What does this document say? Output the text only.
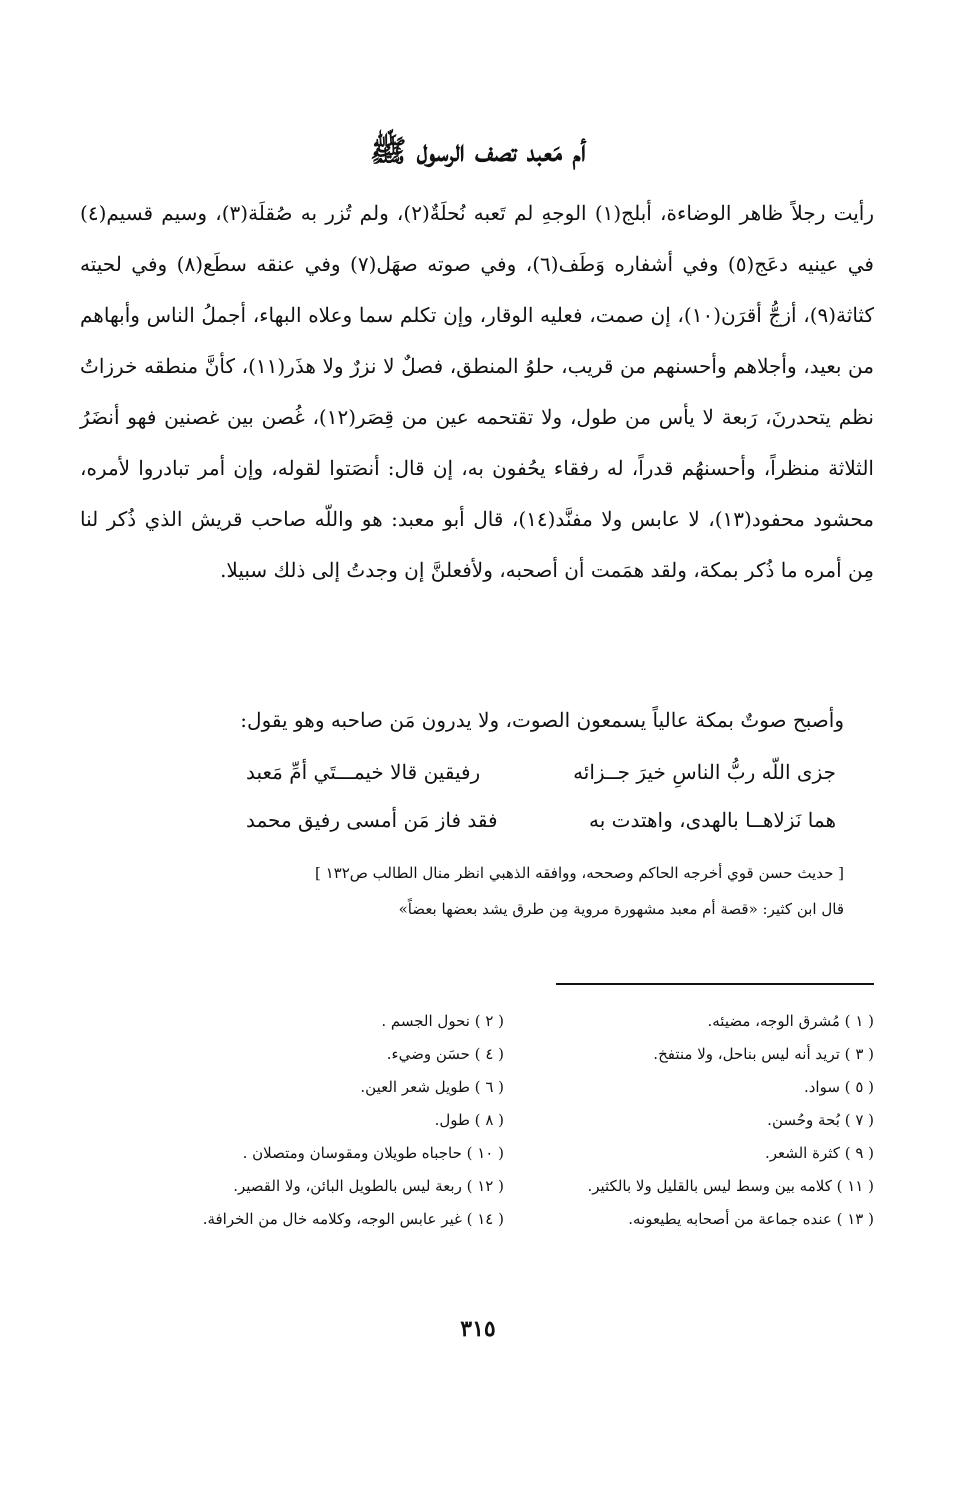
أم مَعبد تصف الرسول ﷺ

رأيت رجلاً ظاهر الوضاءة، أبلج(١) الوجهِ لم تَعبه نُحلَةٌ(٢)، ولم تُزر به صُقلَة(٣)، وسيم قسيم(٤) في عينيه دعَج(٥) وفي أشفاره وَطَف(٦)، وفي صوته صهَل(٧) وفي عنقه سطَع(٨) وفي لحيته كثاثة(٩)، أزجُّ أقرَن(١٠)، إن صمت، فعليه الوقار، وإن تكلم سما وعلاه البهاء، أجملُ الناس وأبهاهم من بعيد، وأجلاهم وأحسنهم من قريب، حلوُ المنطق، فصلٌ لا نزرٌ ولا هذَر(١١)، كأنَّ منطقه خرزاتُ نظم يتحدرنَ، رَبعة لا يأس من طول، ولا تقتحمه عين من قِصَر(١٢)، غُصن بين غصنين فهو أنضَرُ الثلاثة منظراً، وأحسنهُم قدراً، له رفقاء يحُفون به، إن قال: أنصَتوا لقوله، وإن أمر تبادروا لأمره، محشود محفود(١٣)، لا عابس ولا مفنَّد(١٤)، قال أبو معبد: هو واللّه صاحب قريش الذي ذُكر لنا مِن أمره ما ذُكر بمكة، ولقد همَمت أن أصحبه، ولأفعلنَّ إن وجدتُ إلى ذلك سبيلا.

وأصبح صوتٌ بمكة عالياً يسمعون الصوت، ولا يدرون مَن صاحبه وهو يقول:

جزى اللّه ربُّ الناسِ خيرَ جــزائه
رفيقين قالا خيمـــتَي أمِّ مَعبد
هما نَزلاهــا بالهدى، واهتدت به
فقد فاز مَن أمسى رفيق محمد

[ حديث حسن قوي أخرجه الحاكم وصححه، ووافقه الذهبي انظر منال الطالب ص١٣٢ ]

قال ابن كثير: «قصة أم معبد مشهورة مروية مِن طرق يشد بعضها بعضاً»

( ١ ) مُشرق الوجه، مضيئه.
( ٢ ) نحول الجسم .
( ٣ ) تريد أنه ليس بناحل، ولا منتفخ.
( ٤ ) حسَن وضيء.
( ٥ ) سواد.
( ٦ ) طويل شعر العين.
( ٧ ) بُحة وحُسن.
( ٨ ) طول.
( ٩ ) كثرة الشعر.
( ١٠ ) حاجباه طويلان ومقوسان ومتصلان .
( ١١ ) كلامه بين وسط ليس بالقليل ولا بالكثير.
( ١٢ ) ربعة ليس بالطويل البائن، ولا القصير.
( ١٣ ) عنده جماعة من أصحابه يطيعونه.
( ١٤ ) غير عابس الوجه، وكلامه خال من الخرافة.
٣١٥
